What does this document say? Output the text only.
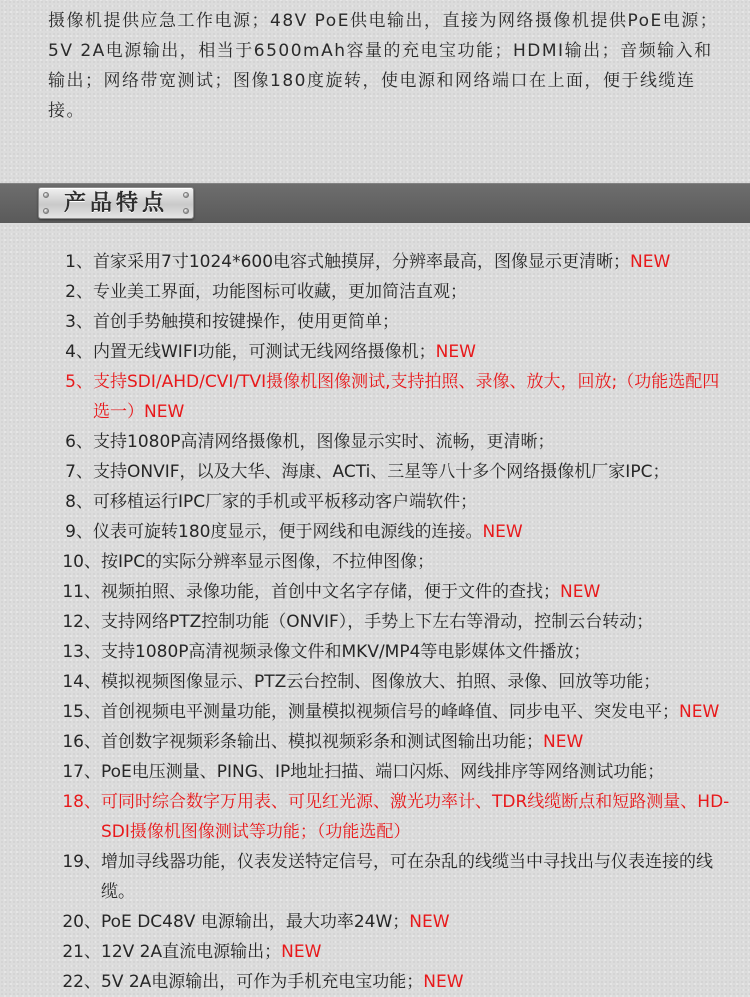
摄像机提供应急工作电源；48V PoE供电输出，直接为网络摄像机提供PoE电源；5V 2A电源输出，相当于6500mAh容量的充电宝功能；HDMI输出；音频输入和输出；网络带宽测试；图像180度旋转，使电源和网络端口在上面，便于线缆连接。
产品特点
1、 首家采用7寸1024*600电容式触摸屏，分辨率最高，图像显示更清晰；NEW
2、 专业美工界面，功能图标可收藏，更加简洁直观；
3、 首创手势触摸和按键操作，使用更简单；
4、 内置无线WIFI功能，可测试无线网络摄像机；NEW
5、 支持SDI/AHD/CVI/TVI摄像机图像测试,支持拍照、录像、放大，回放;（功能选配四选一）NEW
6、 支持1080P高清网络摄像机，图像显示实时、流畅，更清晰；
7、 支持ONVIF，以及大华、海康、ACTi、三星等八十多个网络摄像机厂家IPC；
8、 可移植运行IPC厂家的手机或平板移动客户端软件；
9、 仪表可旋转180度显示，便于网线和电源线的连接。NEW
10、 按IPC的实际分辨率显示图像，不拉伸图像；
11、 视频拍照、录像功能，首创中文名字存储，便于文件的查找；NEW
12、 支持网络PTZ控制功能（ONVIF），手势上下左右等滑动，控制云台转动；
13、 支持1080P高清视频录像文件和MKV/MP4等电影媒体文件播放；
14、 模拟视频图像显示、PTZ云台控制、图像放大、拍照、录像、回放等功能；
15、 首创视频电平测量功能，测量模拟视频信号的峰峰值、同步电平、突发电平；NEW
16、 首创数字视频彩条输出、模拟视频彩条和测试图输出功能；NEW
17、 PoE电压测量、PING、IP地址扫描、端口闪烁、网线排序等网络测试功能；
18、 可同时综合数字万用表、可见红光源、激光功率计、TDR线缆断点和短路测量、HD-SDI摄像机图像测试等功能；（功能选配）
19、 增加寻线器功能，仪表发送特定信号，可在杂乱的线缆当中寻找出与仪表连接的线缆。
20、 PoE DC48V 电源输出，最大功率24W；NEW
21、 12V 2A直流电源输出；NEW
22、 5V 2A电源输出，可作为手机充电宝功能；NEW
